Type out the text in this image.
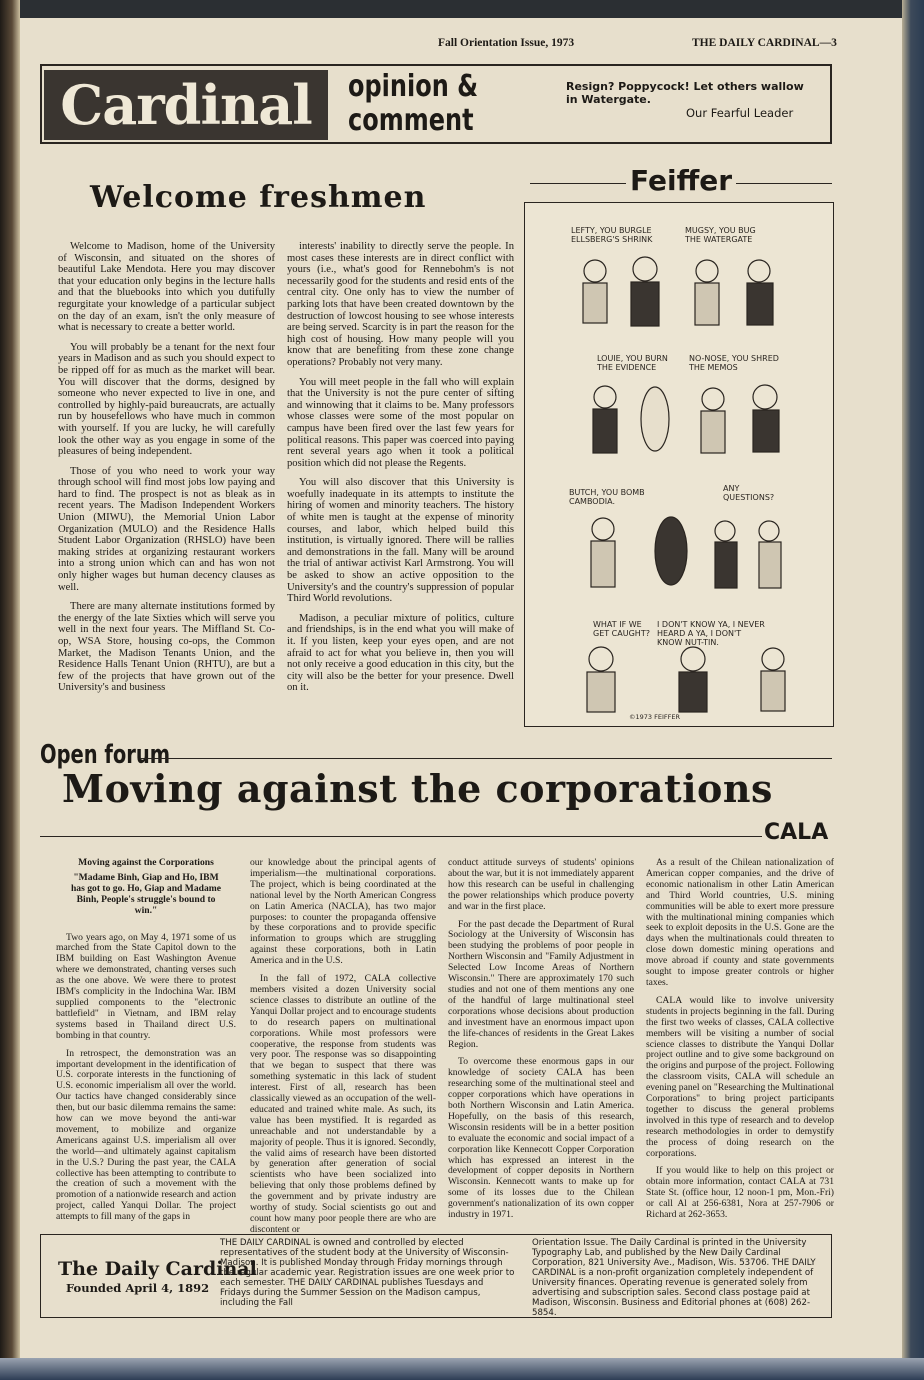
Fall Orientation Issue, 1973	THE DAILY CARDINAL—3
Cardinal	opinion &
comment
Resign? Poppycock! Let others wallow in Watergate.
Our Fearful Leader
Welcome freshmen

Welcome to Madison, home of the University of Wisconsin, and situated on the shores of beautiful Lake Mendota. Here you may discover that your education only begins in the lecture halls and that the bluebooks into which you dutifully regurgitate your knowledge of a particular subject on the day of an exam, isn't the only measure of what is necessary to create a better world.

You will probably be a tenant for the next four years in Madison and as such you should expect to be ripped off for as much as the market will bear. You will discover that the dorms, designed by someone who never expected to live in one, and controlled by highly-paid bureaucrats, are actually run by housefellows who have much in common with yourself. If you are lucky, he will carefully look the other way as you engage in some of the pleasures of being independent.

Those of you who need to work your way through school will find most jobs low paying and hard to find. The prospect is not as bleak as in recent years. The Madison Independent Workers Union (MIWU), the Memorial Union Labor Organization (MULO) and the Residence Halls Student Labor Organization (RHSLO) have been making strides at organizing restaurant workers into a strong union which can and has won not only higher wages but human decency clauses as well.

There are many alternate institutions formed by the energy of the late Sixties which will serve you well in the next four years. The Miffland St. Co-op, WSA Store, housing co-ops, the Common Market, the Madison Tenants Union, and the Residence Halls Tenant Union (RHTU), are but a few of the projects that have grown out of the University's and business

interests' inability to directly serve the people. In most cases these interests are in direct conflict with yours (i.e., what's good for Rennebohm's is not necessarily good for the students and resid ents of the central city. One only has to view the number of parking lots that have been created downtown by the destruction of lowcost housing to see whose interests are being served. Scarcity is in part the reason for the high cost of housing. How many people will you know that are benefiting from these zone change operations? Probably not very many.

You will meet people in the fall who will explain that the University is not the pure center of sifting and winnowing that it claims to be. Many professors whose classes were some of the most popular on campus have been fired over the last few years for political reasons. This paper was coerced into paying rent several years ago when it took a political position which did not please the Regents.

You will also discover that this University is woefully inadequate in its attempts to institute the hiring of women and minority teachers. The history of white men is taught at the expense of minority courses, and labor, which helped build this institution, is virtually ignored. There will be rallies and demonstrations in the fall. Many will be around the trial of antiwar activist Karl Armstrong. You will be asked to show an active opposition to the University's and the country's suppression of popular Third World revolutions.

Madison, a peculiar mixture of politics, culture and friendships, is in the end what you will make of it. If you listen, keep your eyes open, and are not afraid to act for what you believe in, then you will not only receive a good education in this city, but the city will also be the better for your presence. Dwell on it.

Feiffer
LEFTY, YOU BURGLE ELLSBERG'S SHRINK
MUGSY, YOU BUG THE WATERGATE
LOUIE, YOU BURN THE EVIDENCE
NO-NOSE, YOU SHRED THE MEMOS
BUTCH, YOU BOMB CAMBODIA.
ANY QUESTIONS?
WHAT IF WE GET CAUGHT?
I DON'T KNOW YA, I NEVER HEARD A YA, I DON'T KNOW NUT-TIN.
©1973 FEIFFER
Open forum
Moving against the corporations
CALA
Moving against the Corporations
"Madame Binh, Giap and Ho, IBM has got to go. Ho, Giap and Madame Binh, People's struggle's bound to win."

Two years ago, on May 4, 1971 some of us marched from the State Capitol down to the IBM building on East Washington Avenue where we demonstrated, chanting verses such as the one above. We were there to protest IBM's complicity in the Indochina War. IBM supplied components to the "electronic battlefield" in Vietnam, and IBM relay systems based in Thailand direct U.S. bombing in that country.

In retrospect, the demonstration was an important development in the identification of U.S. corporate interests in the functioning of U.S. economic imperialism all over the world. Our tactics have changed considerably since then, but our basic dilemma remains the same: how can we move beyond the anti-war movement, to mobilize and organize Americans against U.S. imperialism all over the world—and ultimately against capitalism in the U.S.? During the past year, the CALA collective has been attempting to contribute to the creation of such a movement with the promotion of a nationwide research and action project, called Yanqui Dollar. The project attempts to fill many of the gaps in

our knowledge about the principal agents of imperialism—the multinational corporations. The project, which is being coordinated at the national level by the North American Congress on Latin America (NACLA), has two major purposes: to counter the propaganda offensive by these corporations and to provide specific information to groups which are struggling against these corporations, both in Latin America and in the U.S.

In the fall of 1972, CALA collective members visited a dozen University social science classes to distribute an outline of the Yanqui Dollar project and to encourage students to do research papers on multinational corporations. While most professors were cooperative, the response from students was very poor. The response was so disappointing that we began to suspect that there was something systematic in this lack of student interest. First of all, research has been classically viewed as an occupation of the well-educated and trained white male. As such, its value has been mystified. It is regarded as unreachable and not understandable by a majority of people. Thus it is ignored. Secondly, the valid aims of research have been distorted by generation after generation of social scientists who have been socialized into believing that only those problems defined by the government and by private industry are worthy of study. Social scientists go out and count how many poor people there are who are discontent or

conduct attitude surveys of students' opinions about the war, but it is not immediately apparent how this research can be useful in challenging the power relationships which produce poverty and war in the first place.

For the past decade the Department of Rural Sociology at the University of Wisconsin has been studying the problems of poor people in Northern Wisconsin and "Family Adjustment in Selected Low Income Areas of Northern Wisconsin." There are approximately 170 such studies and not one of them mentions any one of the handful of large multinational steel corporations whose decisions about production and investment have an enormous impact upon the life-chances of residents in the Great Lakes Region.

To overcome these enormous gaps in our knowledge of society CALA has been researching some of the multinational steel and copper corporations which have operations in both Northern Wisconsin and Latin America. Hopefully, on the basis of this research, Wisconsin residents will be in a better position to evaluate the economic and social impact of a corporation like Kennecott Copper Corporation which has expressed an interest in the development of copper deposits in Northern Wisconsin. Kennecott wants to make up for some of its losses due to the Chilean government's nationalization of its own copper industry in 1971.

As a result of the Chilean nationalization of American copper companies, and the drive of economic nationalism in other Latin American and Third World countries, U.S. mining communities will be able to exert more pressure with the multinational mining companies which seek to exploit deposits in the U.S. Gone are the days when the multinationals could threaten to close down domestic mining operations and move abroad if county and state governments sought to impose greater controls or higher taxes.

CALA would like to involve university students in projects beginning in the fall. During the first two weeks of classes, CALA collective members will be visiting a number of social science classes to distribute the Yanqui Dollar project outline and to give some background on the origins and purpose of the project. Following the classroom visits, CALA will schedule an evening panel on "Researching the Multinational Corporations" to bring project participants together to discuss the general problems involved in this type of research and to develop research methodologies in order to demystify the process of doing research on the corporations.

If you would like to help on this project or obtain more information, contact CALA at 731 State St. (office hour, 12 noon-1 pm, Mon.-Fri) or call Al at 256-6381, Nora at 257-7906 or Richard at 262-3653.

The Daily Cardinal
Founded April 4, 1892
THE DAILY CARDINAL is owned and controlled by elected representatives of the student body at the University of Wisconsin-Madison. It is published Monday through Friday mornings through the regular academic year. Registration issues are one week prior to each semester. THE DAILY CARDINAL publishes Tuesdays and Fridays during the Summer Session on the Madison campus, including the Fall
Orientation Issue. The Daily Cardinal is printed in the University Typography Lab, and published by the New Daily Cardinal Corporation, 821 University Ave., Madison, Wis. 53706. THE DAILY CARDINAL is a non-profit organization completely independent of University finances. Operating revenue is generated solely from advertising and subscription sales. Second class postage paid at Madison, Wisconsin. Business and Editorial phones at (608) 262-5854.
